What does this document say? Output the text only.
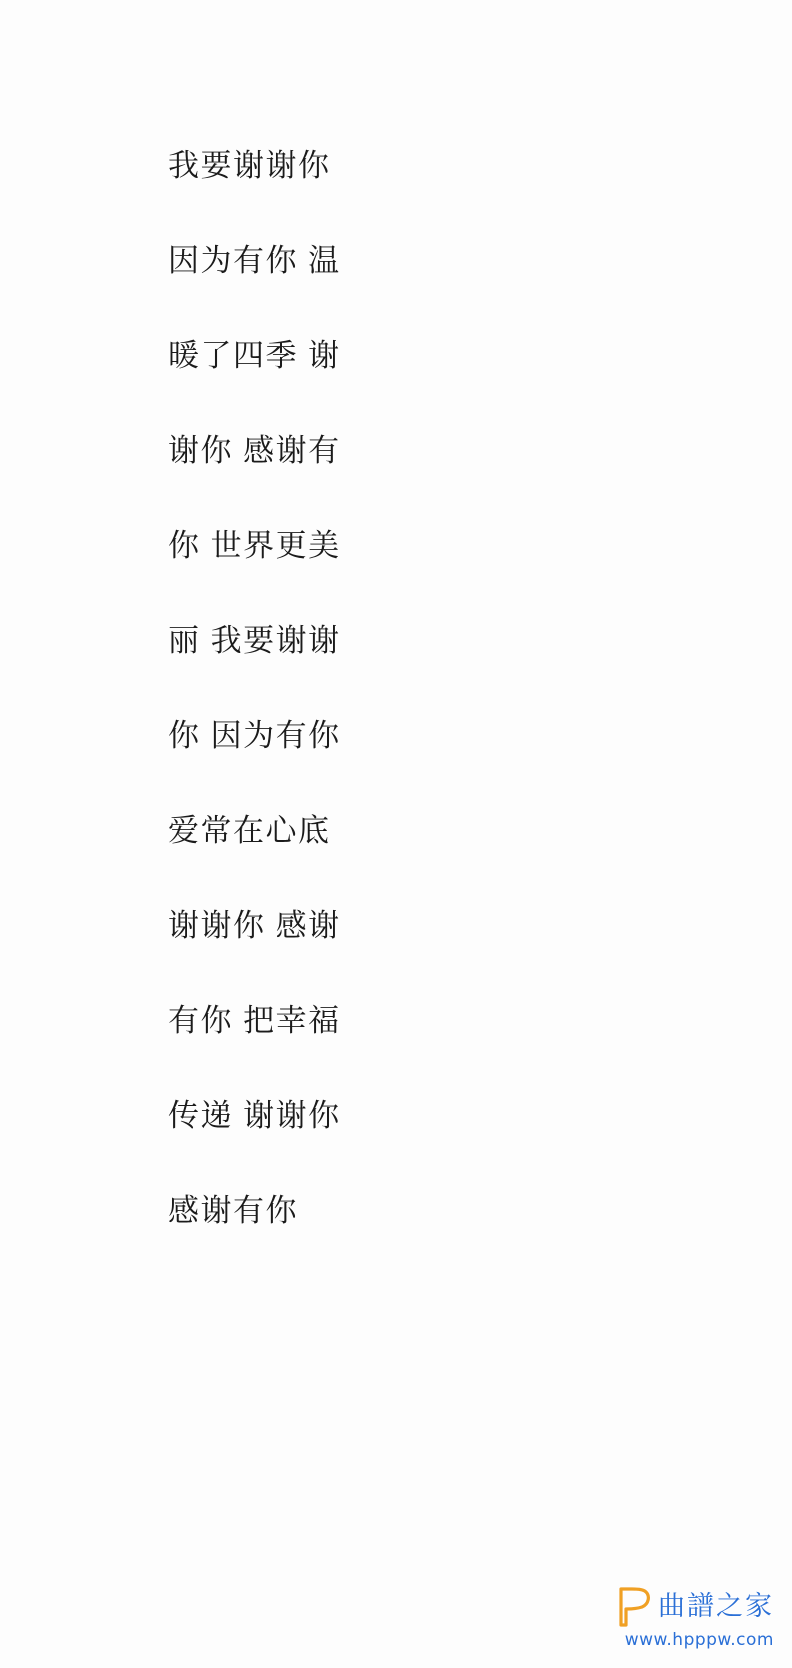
我要谢谢你

因为有你 温

暖了四季 谢

谢你 感谢有

你 世界更美

丽 我要谢谢

你 因为有你

爱常在心底

谢谢你 感谢

有你 把幸福

传递 谢谢你

感谢有你

曲譜之家
www.hpppw.com
